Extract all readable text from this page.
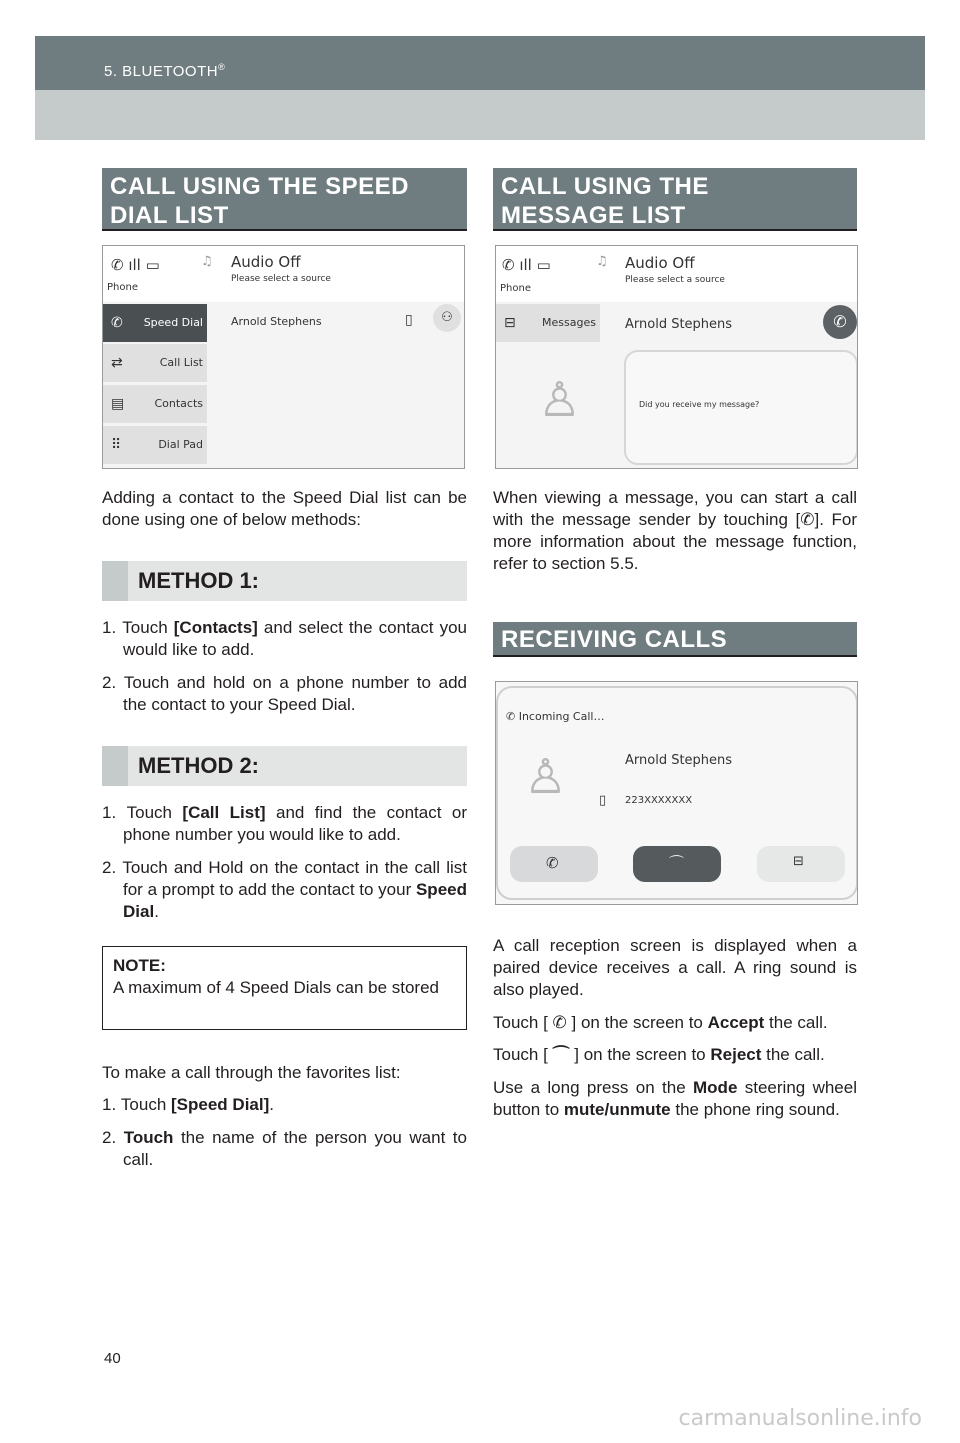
5. BLUETOOTH®
CALL USING THE SPEED
DIAL LIST
✆ ıll ▭
Phone
♫ Audio Off
Please select a source
✆ Speed Dial
⇄	Call List
▤	Contacts
⠿	Dial Pad
Arnold Stephens	▯	⚇
Adding a contact to the Speed Dial list can be done using one of below methods:
METHOD 1:
1. Touch [Contacts] and select the contact you would like to add.
2. Touch and hold on a phone number to add the contact to your Speed Dial.
METHOD 2:
1. Touch [Call List] and find the contact or phone number you would like to add.
2. Touch and Hold on the contact in the call list for a prompt to add the contact to your Speed Dial.
NOTE:
A maximum of 4 Speed Dials can be stored
To make a call through the favorites list:
1. Touch [Speed Dial].
2. Touch the name of the person you want to call.
CALL USING THE
MESSAGE LIST
✆ ıll ▭
Phone
♫ Audio Off
Please select a source
⊟ Messages	Arnold Stephens	✆
♙	Did you receive my message?
When viewing a message, you can start a call with the message sender by touching [✆]. For more information about the message function, refer to section 5.5.
RECEIVING CALLS
✆ Incoming Call…
♙	Arnold Stephens
▯ 223XXXXXXX
✆	⌒	⊟
A call reception screen is displayed when a paired device receives a call. A ring sound is also played.
Touch [ ✆ ] on the screen to Accept the call.
Touch [ ⌒ ] on the screen to Reject the call.
Use a long press on the Mode steering wheel button to mute/unmute the phone ring sound.
40
carmanualsonline.info
